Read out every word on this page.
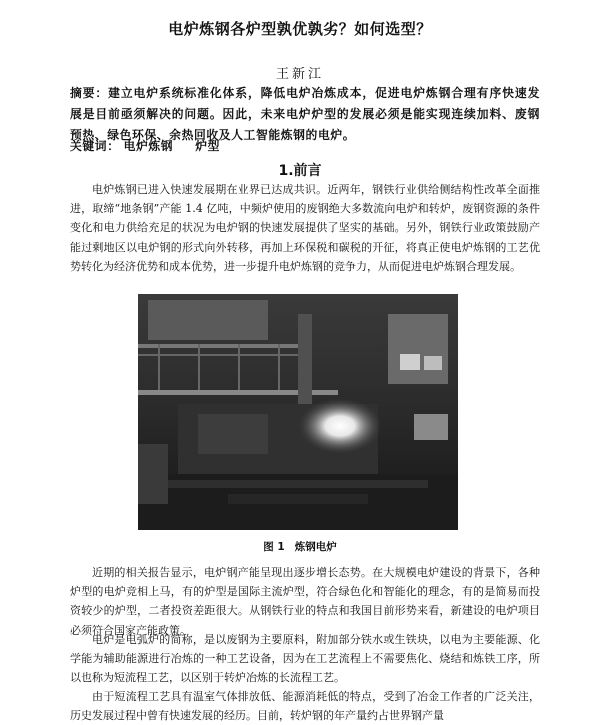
电炉炼钢各炉型孰优孰劣？如何选型？
王新江
摘要：建立电炉系统标准化体系，降低电炉冶炼成本，促进电炉炼钢合理有序快速发展是目前亟须解决的问题。因此，未来电炉炉型的发展必须是能实现连续加料、废钢预热、绿色环保、余热回收及人工智能炼钢的电炉。
关键词： 电炉炼钢 炉型
1.前言
电炉炼钢已进入快速发展期在业界已达成共识。近两年，钢铁行业供给侧结构性改革全面推进，取缔“地条钢”产能 1.4 亿吨，中频炉使用的废钢绝大多数流向电炉和转炉，废钢资源的条件变化和电力供给充足的状况为电炉钢的快速发展提供了坚实的基础。另外，钢铁行业政策鼓励产能过剩地区以电炉钢的形式向外转移，再加上环保税和碳税的开征，将真正使电炉炼钢的工艺优势转化为经济优势和成本优势，进一步提升电炉炼钢的竞争力，从而促进电炉炼钢合理发展。
图 1 炼钢电炉
近期的相关报告显示，电炉钢产能呈现出逐步增长态势。在大规模电炉建设的背景下，各种炉型的电炉竞相上马，有的炉型是国际主流炉型，符合绿色化和智能化的理念，有的是简易而投资较少的炉型，二者投资差距很大。从钢铁行业的特点和我国目前形势来看，新建设的电炉项目必须符合国家产能政策。
电炉是电弧炉的简称，是以废钢为主要原料，附加部分铁水或生铁块，以电为主要能源、化学能为辅助能源进行冶炼的一种工艺设备，因为在工艺流程上不需要焦化、烧结和炼铁工序，所以也称为短流程工艺，以区别于转炉冶炼的长流程工艺。
由于短流程工艺具有温室气体排放低、能源消耗低的特点，受到了冶金工作者的广泛关注，历史发展过程中曾有快速发展的经历。目前，转炉钢的年产量约占世界钢产量
